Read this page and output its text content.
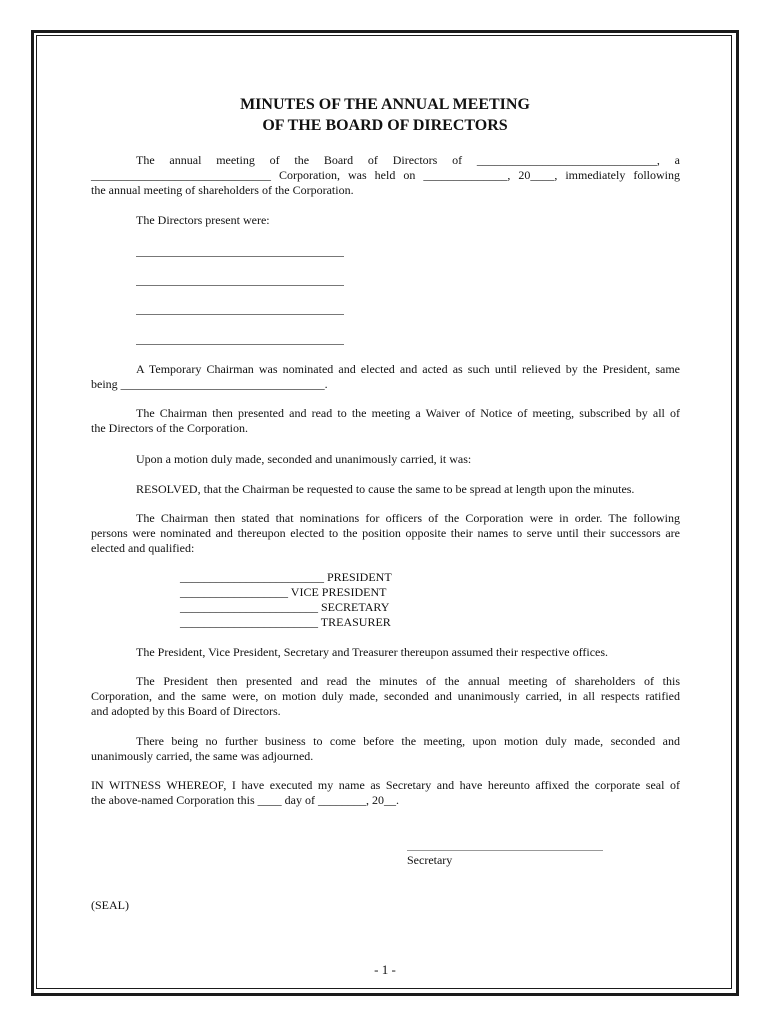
MINUTES OF THE ANNUAL MEETING
OF THE BOARD OF DIRECTORS
The annual meeting of the Board of Directors of ______________________________, a
______________________________ Corporation, was held on ______________, 20____, immediately following
the annual meeting of shareholders of the Corporation.
The Directors present were:
A Temporary Chairman was nominated and elected and acted as such until relieved by the President, same
being __________________________________.
The Chairman then presented and read to the meeting a Waiver of Notice of meeting, subscribed by all of
the Directors of the Corporation.
Upon a motion duly made, seconded and unanimously carried, it was:
RESOLVED, that the Chairman be requested to cause the same to be spread at length upon the minutes.
The Chairman then stated that nominations for officers of the Corporation were in order. The following
persons were nominated and thereupon elected to the position opposite their names to serve until their successors are
elected and qualified:
________________________ PRESIDENT
__________________ VICE PRESIDENT
_______________________ SECRETARY
_______________________ TREASURER
The President, Vice President, Secretary and Treasurer thereupon assumed their respective offices.
The President then presented and read the minutes of the annual meeting of shareholders of this
Corporation, and the same were, on motion duly made, seconded and unanimously carried, in all respects ratified
and adopted by this Board of Directors.
There being no further business to come before the meeting, upon motion duly made, seconded and
unanimously carried, the same was adjourned.
IN WITNESS WHEREOF, I have executed my name as Secretary and have hereunto affixed the corporate seal of
the above-named Corporation this ____ day of ________, 20__.
Secretary
(SEAL)
- 1 -
